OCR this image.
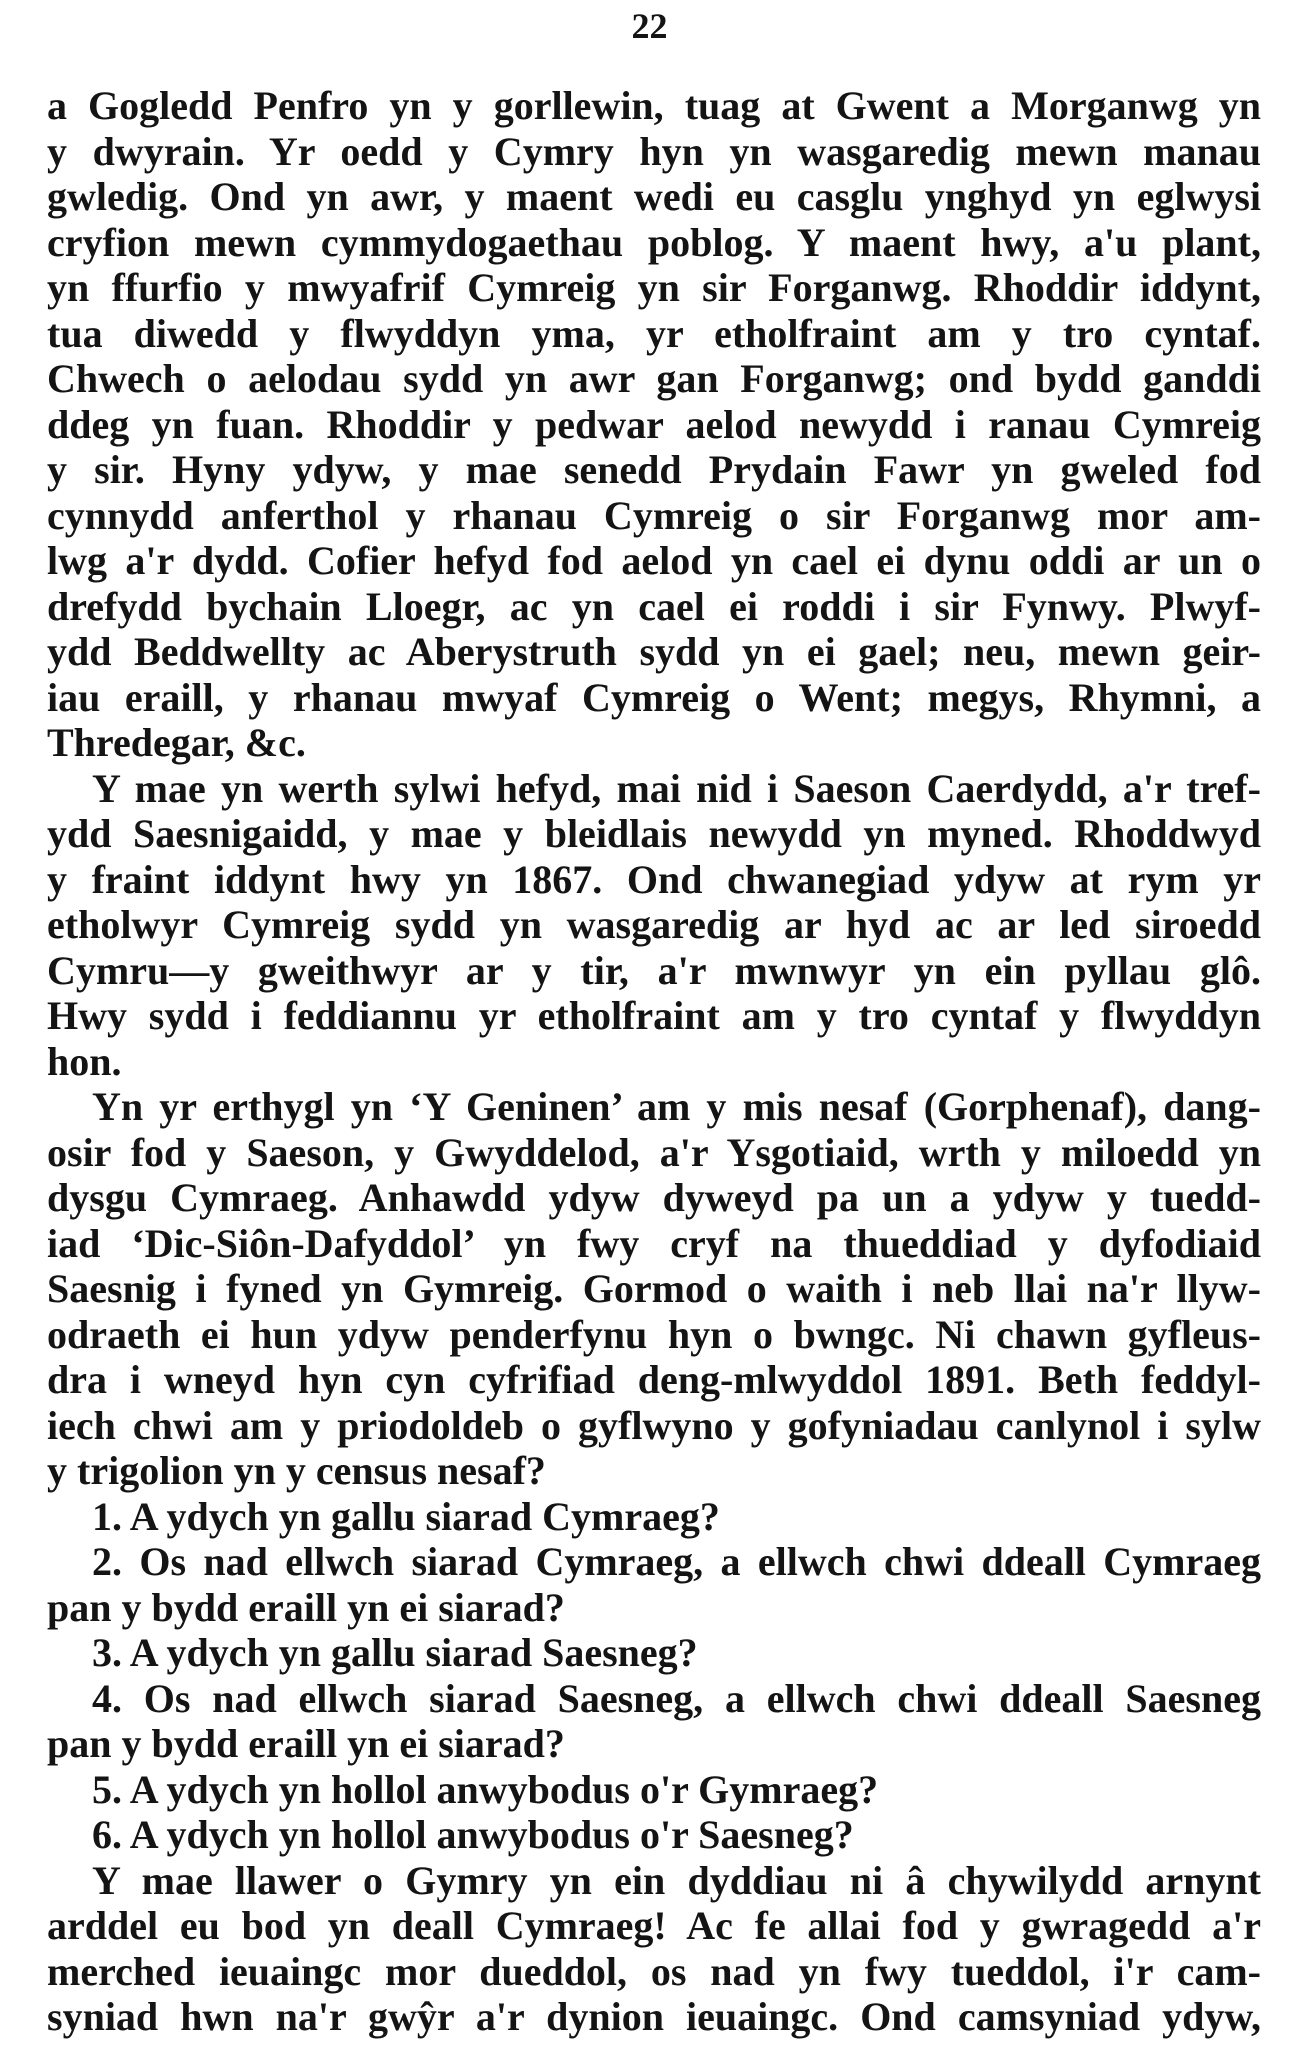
22
a Gogledd Penfro yn y gorllewin, tuag at Gwent a Morganwg yn
y dwyrain. Yr oedd y Cymry hyn yn wasgaredig mewn manau
gwledig. Ond yn awr, y maent wedi eu casglu ynghyd yn eglwysi
cryfion mewn cymmydogaethau poblog. Y maent hwy, a'u plant,
yn ffurfio y mwyafrif Cymreig yn sir Forganwg. Rhoddir iddynt,
tua diwedd y flwyddyn yma, yr etholfraint am y tro cyntaf.
Chwech o aelodau sydd yn awr gan Forganwg; ond bydd ganddi
ddeg yn fuan. Rhoddir y pedwar aelod newydd i ranau Cymreig
y sir. Hyny ydyw, y mae senedd Prydain Fawr yn gweled fod
cynnydd anferthol y rhanau Cymreig o sir Forganwg mor am-
lwg a'r dydd. Cofier hefyd fod aelod yn cael ei dynu oddi ar un o
drefydd bychain Lloegr, ac yn cael ei roddi i sir Fynwy. Plwyf-
ydd Beddwellty ac Aberystruth sydd yn ei gael; neu, mewn geir-
iau eraill, y rhanau mwyaf Cymreig o Went; megys, Rhymni, a
Thredegar, &c.
Y mae yn werth sylwi hefyd, mai nid i Saeson Caerdydd, a'r tref-
ydd Saesnigaidd, y mae y bleidlais newydd yn myned. Rhoddwyd
y fraint iddynt hwy yn 1867. Ond chwanegiad ydyw at rym yr
etholwyr Cymreig sydd yn wasgaredig ar hyd ac ar led siroedd
Cymru—y gweithwyr ar y tir, a'r mwnwyr yn ein pyllau glô.
Hwy sydd i feddiannu yr etholfraint am y tro cyntaf y flwyddyn
hon.
Yn yr erthygl yn ‘Y Geninen’ am y mis nesaf (Gorphenaf), dang-
osir fod y Saeson, y Gwyddelod, a'r Ysgotiaid, wrth y miloedd yn
dysgu Cymraeg. Anhawdd ydyw dyweyd pa un a ydyw y tuedd-
iad ‘Dic-Siôn-Dafyddol’ yn fwy cryf na thueddiad y dyfodiaid
Saesnig i fyned yn Gymreig. Gormod o waith i neb llai na'r llyw-
odraeth ei hun ydyw penderfynu hyn o bwngc. Ni chawn gyfleus-
dra i wneyd hyn cyn cyfrifiad deng-mlwyddol 1891. Beth feddyl-
iech chwi am y priodoldeb o gyflwyno y gofyniadau canlynol i sylw
y trigolion yn y census nesaf?
1. A ydych yn gallu siarad Cymraeg?
2. Os nad ellwch siarad Cymraeg, a ellwch chwi ddeall Cymraeg
pan y bydd eraill yn ei siarad?
3. A ydych yn gallu siarad Saesneg?
4. Os nad ellwch siarad Saesneg, a ellwch chwi ddeall Saesneg
pan y bydd eraill yn ei siarad?
5. A ydych yn hollol anwybodus o'r Gymraeg?
6. A ydych yn hollol anwybodus o'r Saesneg?
Y mae llawer o Gymry yn ein dyddiau ni â chywilydd arnynt
arddel eu bod yn deall Cymraeg! Ac fe allai fod y gwragedd a'r
merched ieuaingc mor dueddol, os nad yn fwy tueddol, i'r cam-
syniad hwn na'r gwŷr a'r dynion ieuaingc. Ond camsyniad ydyw,
